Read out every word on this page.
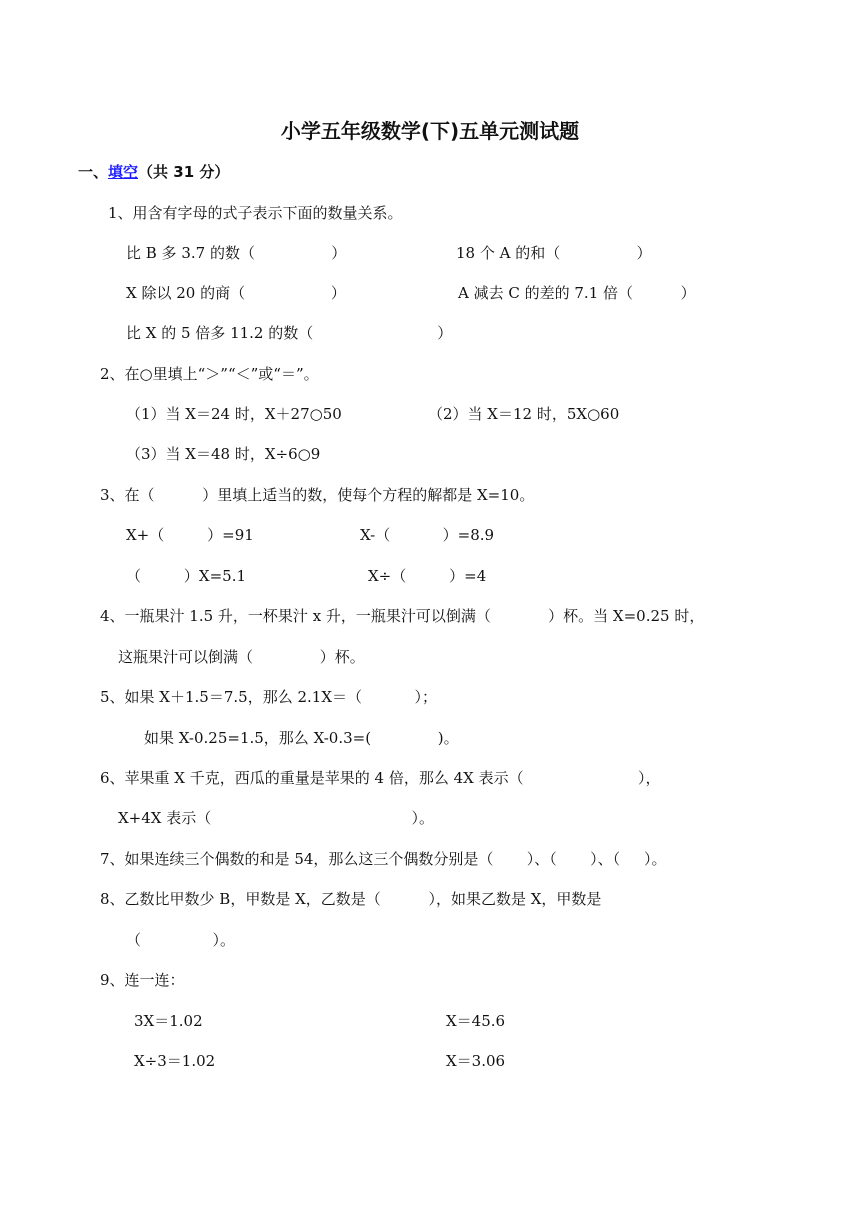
小学五年级数学(下)五单元测试题
一、填空（共 31 分）
1、用含有字母的式子表示下面的数量关系。
比 B 多 3.7 的数（                ）	18 个 A 的和（                ）
X 除以 20 的商（                  ）	A 减去 C 的差的 7.1 倍（          ）
比 X 的 5 倍多 11.2 的数（                          ）
2、在○里填上“＞”“＜”或“＝”。
（1）当 X＝24 时，X＋27○50	（2）当 X＝12 时，5X○60
（3）当 X＝48 时，X÷6○9
3、在（          ）里填上适当的数，使每个方程的解都是 X=10。
X+（         ）=91	X-（           ）=8.9
（         ）X=5.1	X÷（         ）=4
4、一瓶果汁 1.5 升，一杯果汁 x 升，一瓶果汁可以倒满（            ）杯。当 X=0.25 时，
这瓶果汁可以倒满（              ）杯。
5、如果 X＋1.5＝7.5，那么 2.1X＝（           ）；
如果 X-0.25=1.5，那么 X-0.3=(              )。
6、苹果重 X 千克，西瓜的重量是苹果的 4 倍，那么 4X 表示（                        ），
X+4X 表示（                                          ）。
7、如果连续三个偶数的和是 54，那么这三个偶数分别是（       ）、（       ）、（     ）。
8、乙数比甲数少 B，甲数是 X，乙数是（          ），如果乙数是 X，甲数是
（               ）。
9、连一连：
3X＝1.02	X＝45.6
X÷3＝1.02	X＝3.06
